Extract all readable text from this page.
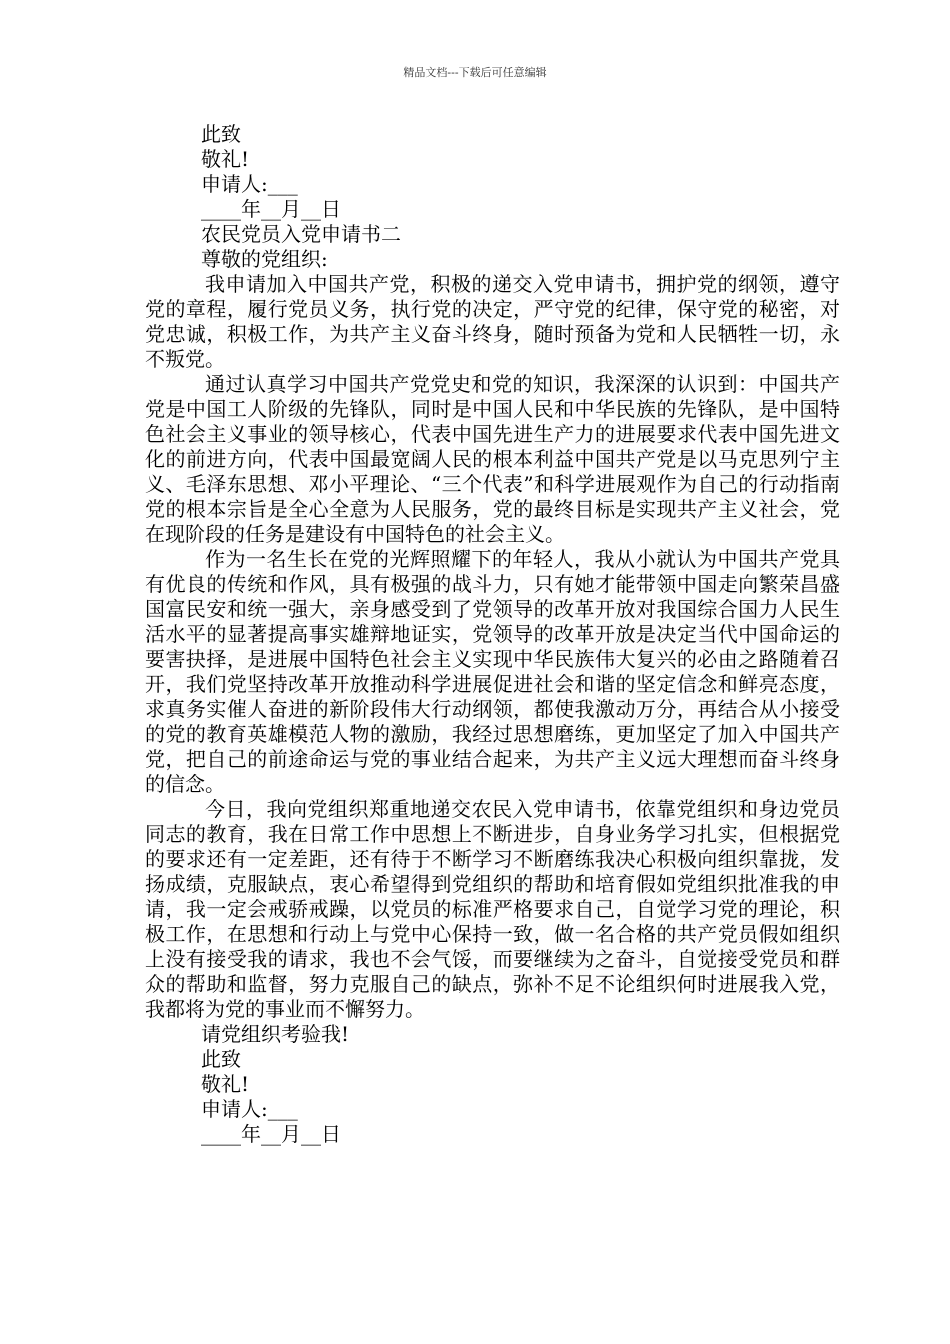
精品文档---下载后可任意编辑
此致
敬礼!
申请人:___
____年__月__日
农民党员入党申请书二
尊敬的党组织:

我申请加入中国共产党，积极的递交入党申请书，拥护党的纲领，遵守党的章程，履行党员义务，执行党的决定，严守党的纪律，保守党的秘密，对党忠诚，积极工作，为共产主义奋斗终身，随时预备为党和人民牺牲一切，永不叛党。

通过认真学习中国共产党党史和党的知识，我深深的认识到：中国共产党是中国工人阶级的先锋队，同时是中国人民和中华民族的先锋队，是中国特色社会主义事业的领导核心，代表中国先进生产力的进展要求代表中国先进文化的前进方向，代表中国最宽阔人民的根本利益中国共产党是以马克思列宁主义、毛泽东思想、邓小平理论、“三个代表”和科学进展观作为自己的行动指南党的根本宗旨是全心全意为人民服务，党的最终目标是实现共产主义社会，党在现阶段的任务是建设有中国特色的社会主义。

作为一名生长在党的光辉照耀下的年轻人，我从小就认为中国共产党具有优良的传统和作风，具有极强的战斗力，只有她才能带领中国走向繁荣昌盛国富民安和统一强大，亲身感受到了党领导的改革开放对我国综合国力人民生活水平的显著提高事实雄辩地证实，党领导的改革开放是决定当代中国命运的要害抉择，是进展中国特色社会主义实现中华民族伟大复兴的必由之路随着召开，我们党坚持改革开放推动科学进展促进社会和谐的坚定信念和鲜亮态度，求真务实催人奋进的新阶段伟大行动纲领，都使我激动万分，再结合从小接受的党的教育英雄模范人物的激励，我经过思想磨练，更加坚定了加入中国共产党，把自己的前途命运与党的事业结合起来，为共产主义远大理想而奋斗终身的信念。

今日，我向党组织郑重地递交农民入党申请书，依靠党组织和身边党员同志的教育，我在日常工作中思想上不断进步，自身业务学习扎实，但根据党的要求还有一定差距，还有待于不断学习不断磨练我决心积极向组织靠拢，发扬成绩，克服缺点，衷心希望得到党组织的帮助和培育假如党组织批准我的申请，我一定会戒骄戒躁，以党员的标准严格要求自己，自觉学习党的理论，积极工作，在思想和行动上与党中心保持一致，做一名合格的共产党员假如组织上没有接受我的请求，我也不会气馁，而要继续为之奋斗，自觉接受党员和群众的帮助和监督，努力克服自己的缺点，弥补不足不论组织何时进展我入党，我都将为党的事业而不懈努力。

请党组织考验我!
此致
敬礼!
申请人:___
____年__月__日
